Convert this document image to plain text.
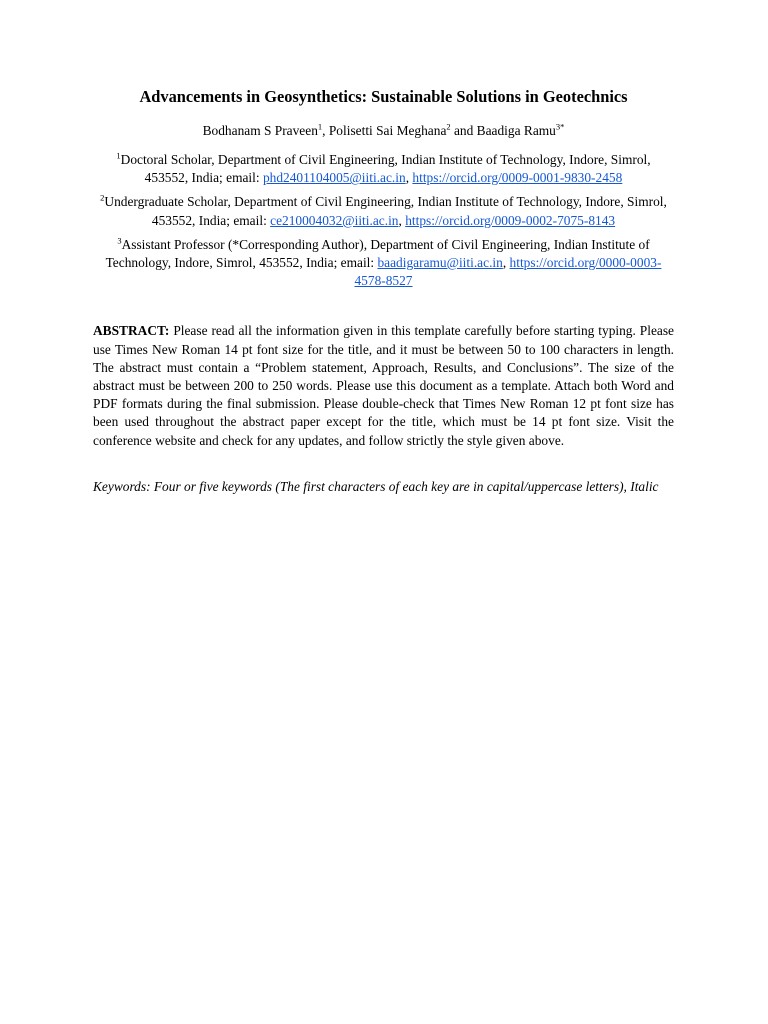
Advancements in Geosynthetics: Sustainable Solutions in Geotechnics
Bodhanam S Praveen$^1$, Polisetti Sai Meghana$^2$ and Baadiga Ramu$^{3*}$
$^1$Doctoral Scholar, Department of Civil Engineering, Indian Institute of Technology, Indore, Simrol, 453552, India; email: phd2401104005@iiti.ac.in, https://orcid.org/0009-0001-9830-2458
$^2$Undergraduate Scholar, Department of Civil Engineering, Indian Institute of Technology, Indore, Simrol, 453552, India; email: ce210004032@iiti.ac.in, https://orcid.org/0009-0002-7075-8143
$^3$Assistant Professor (*Corresponding Author), Department of Civil Engineering, Indian Institute of Technology, Indore, Simrol, 453552, India; email: baadigaramu@iiti.ac.in, https://orcid.org/0000-0003-4578-8527
ABSTRACT: Please read all the information given in this template carefully before starting typing. Please use Times New Roman 14 pt font size for the title, and it must be between 50 to 100 characters in length. The abstract must contain a “Problem statement, Approach, Results, and Conclusions”. The size of the abstract must be between 200 to 250 words. Please use this document as a template. Attach both Word and PDF formats during the final submission. Please double-check that Times New Roman 12 pt font size has been used throughout the abstract paper except for the title, which must be 14 pt font size. Visit the conference website and check for any updates, and follow strictly the style given above.
Keywords: Four or five keywords (The first characters of each key are in capital/uppercase letters), Italic
